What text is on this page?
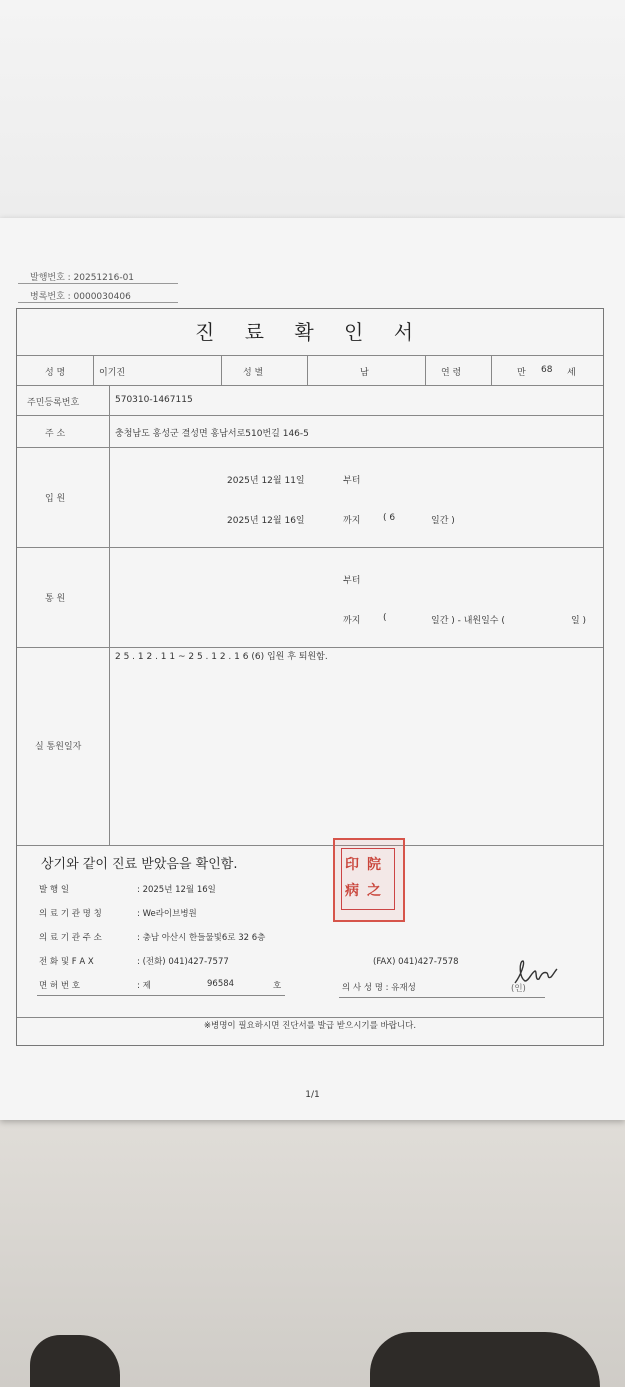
발행번호 : 20251216-01
병록번호 : 0000030406
진 료 확 인 서
성 명	이기진	성 별	남	연 령	만 68 세
주민등록번호	570310-1467115
주 소	충청남도 홍성군 결성면 홍남서로510번길 146-5
입 원
2025년 12월 11일	부터
2025년 12월 16일	까지	( 6	일간 )
통 원
부터
까지	(	일간 ) - 내원일수 (	일 )
실 통원일자
2 5 . 1 2 . 1 1 ~ 2 5 . 1 2 . 1 6 (6) 입원 후 퇴원함.
상기와 같이 진료 받았음을 확인함.
발 행 일	: 2025년 12월 16일
의 료 기 관 명 칭	: We라이브병원
의 료 기 관 주 소	: 충남 아산시 한들물빛6로 32 6층
전 화 및 F A X	: (전화) 041)427-7577	(FAX) 041)427-7578
면 허 번 호	: 제	96584	호	의 사 성 명 : 유재성	(인)
※병명이 필요하시면 진단서를 발급 받으시기를 바랍니다.
印 院
病 之
1/1
